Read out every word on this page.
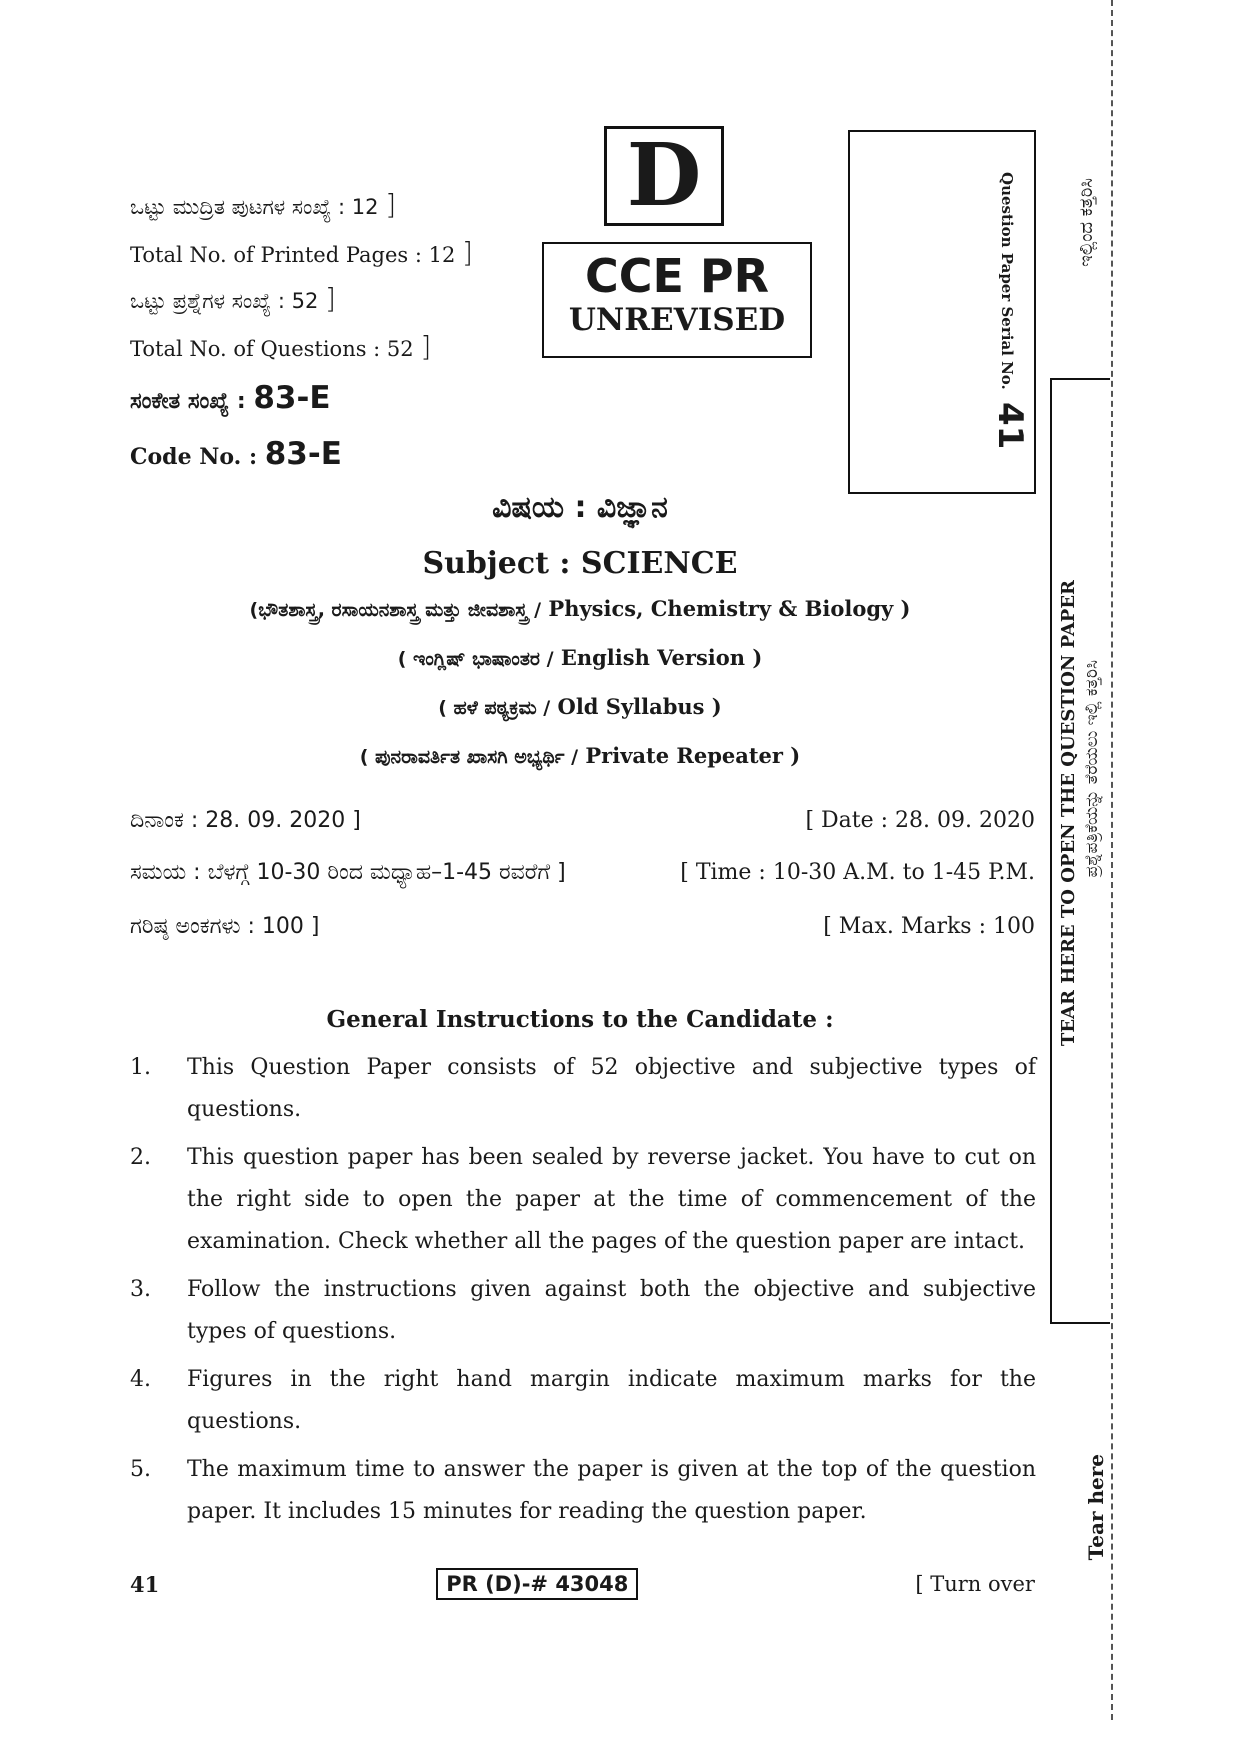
ಒಟ್ಟು ಮುದ್ರಿತ ಪುಟಗಳ ಸಂಖ್ಯೆ : 12 ]
Total No. of Printed Pages : 12 ]
ಒಟ್ಟು ಪ್ರಶ್ನೆಗಳ ಸಂಖ್ಯೆ : 52 ]
Total No. of Questions : 52 ]
ಸಂಕೇತ ಸಂಖ್ಯೆ : 83-E
Code No. : 83-E
D
CCE PR
UNREVISED	Question Paper Serial No.
41
ವಿಷಯ : ವಿಜ್ಞಾನ
Subject : SCIENCE
(ಭೌತಶಾಸ್ತ್ರ, ರಸಾಯನಶಾಸ್ತ್ರ ಮತ್ತು ಜೀವಶಾಸ್ತ್ರ / Physics, Chemistry & Biology )
( ಇಂಗ್ಲಿಷ್ ಭಾಷಾಂತರ / English Version )
( ಹಳೆ ಪಠ್ಯಕ್ರಮ / Old Syllabus )
( ಪುನರಾವರ್ತಿತ ಖಾಸಗಿ ಅಭ್ಯರ್ಥಿ / Private Repeater )
ದಿನಾಂಕ : 28. 09. 2020 ]	[ Date : 28. 09. 2020
ಸಮಯ : ಬೆಳಗ್ಗೆ 10-30 ರಿಂದ ಮಧ್ಯಾಹ–1-45 ರವರೆಗೆ ]	[ Time : 10-30 A.M. to 1-45 P.M.
ಗರಿಷ್ಠ ಅಂಕಗಳು : 100 ]	[ Max. Marks : 100
General Instructions to the Candidate :
1.	This Question Paper consists of 52 objective and subjective types of questions.
2.	This question paper has been sealed by reverse jacket. You have to cut on the right side to open the paper at the time of commencement of the examination. Check whether all the pages of the question paper are intact.
3.	Follow the instructions given against both the objective and subjective types of questions.
4.	Figures in the right hand margin indicate maximum marks for the questions.
5.	The maximum time to answer the paper is given at the top of the question paper. It includes 15 minutes for reading the question paper.
41	PR (D)-# 43048	[ Turn over
ಇಲ್ಲಿಂದ ಕತ್ತರಿಸಿ
TEAR HERE TO OPEN THE QUESTION PAPER ಪ್ರಶ್ನೆಪತ್ರಿಕೆಯನ್ನು ತೆರೆಯಲು ಇಲ್ಲಿ ಕತ್ತರಿಸಿ
Tear here
